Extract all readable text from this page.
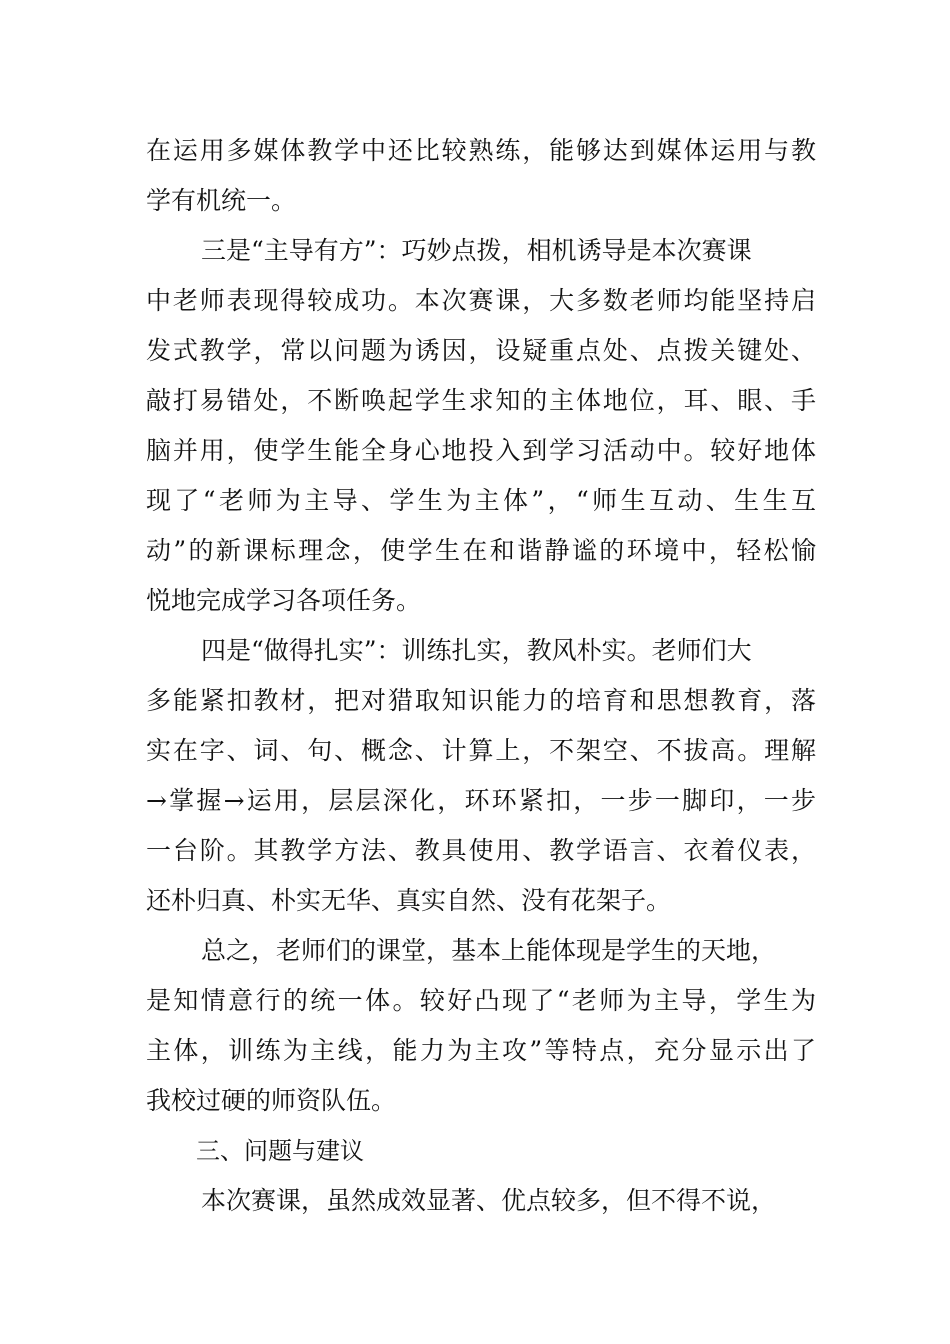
在运用多媒体教学中还比较熟练，能够达到媒体运用与教
学有机统一。
三是“主导有方”：巧妙点拨，相机诱导是本次赛课
中老师表现得较成功。本次赛课，大多数老师均能坚持启
发式教学，常以问题为诱因，设疑重点处、点拨关键处、
敲打易错处，不断唤起学生求知的主体地位，耳、眼、手
脑并用，使学生能全身心地投入到学习活动中。较好地体
现了“老师为主导、学生为主体”，“师生互动、生生互
动”的新课标理念，使学生在和谐静谧的环境中，轻松愉
悦地完成学习各项任务。
四是“做得扎实”：训练扎实，教风朴实。老师们大
多能紧扣教材，把对猎取知识能力的培育和思想教育，落
实在字、词、句、概念、计算上，不架空、不拔高。理解
→掌握→运用，层层深化，环环紧扣，一步一脚印，一步
一台阶。其教学方法、教具使用、教学语言、衣着仪表，
还朴归真、朴实无华、真实自然、没有花架子。
总之，老师们的课堂，基本上能体现是学生的天地，
是知情意行的统一体。较好凸现了“老师为主导，学生为
主体，训练为主线，能力为主攻”等特点，充分显示出了
我校过硬的师资队伍。
三、问题与建议
本次赛课，虽然成效显著、优点较多，但不得不说，
